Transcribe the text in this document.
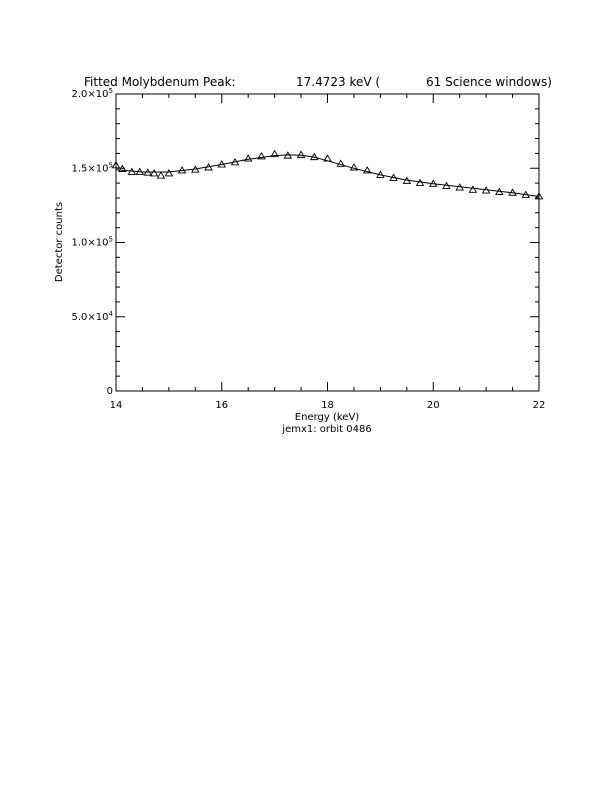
Fitted Molybdenum Peak:	17.4723 keV (	61 Science windows)
0
$5.0\times 10^4$
$1.0\times 10^5$
$1.5\times 10^5$
$2.0\times 10^5$
14	16	18	20	22
Energy (keV)
jemx1: orbit 0486
Detector counts
